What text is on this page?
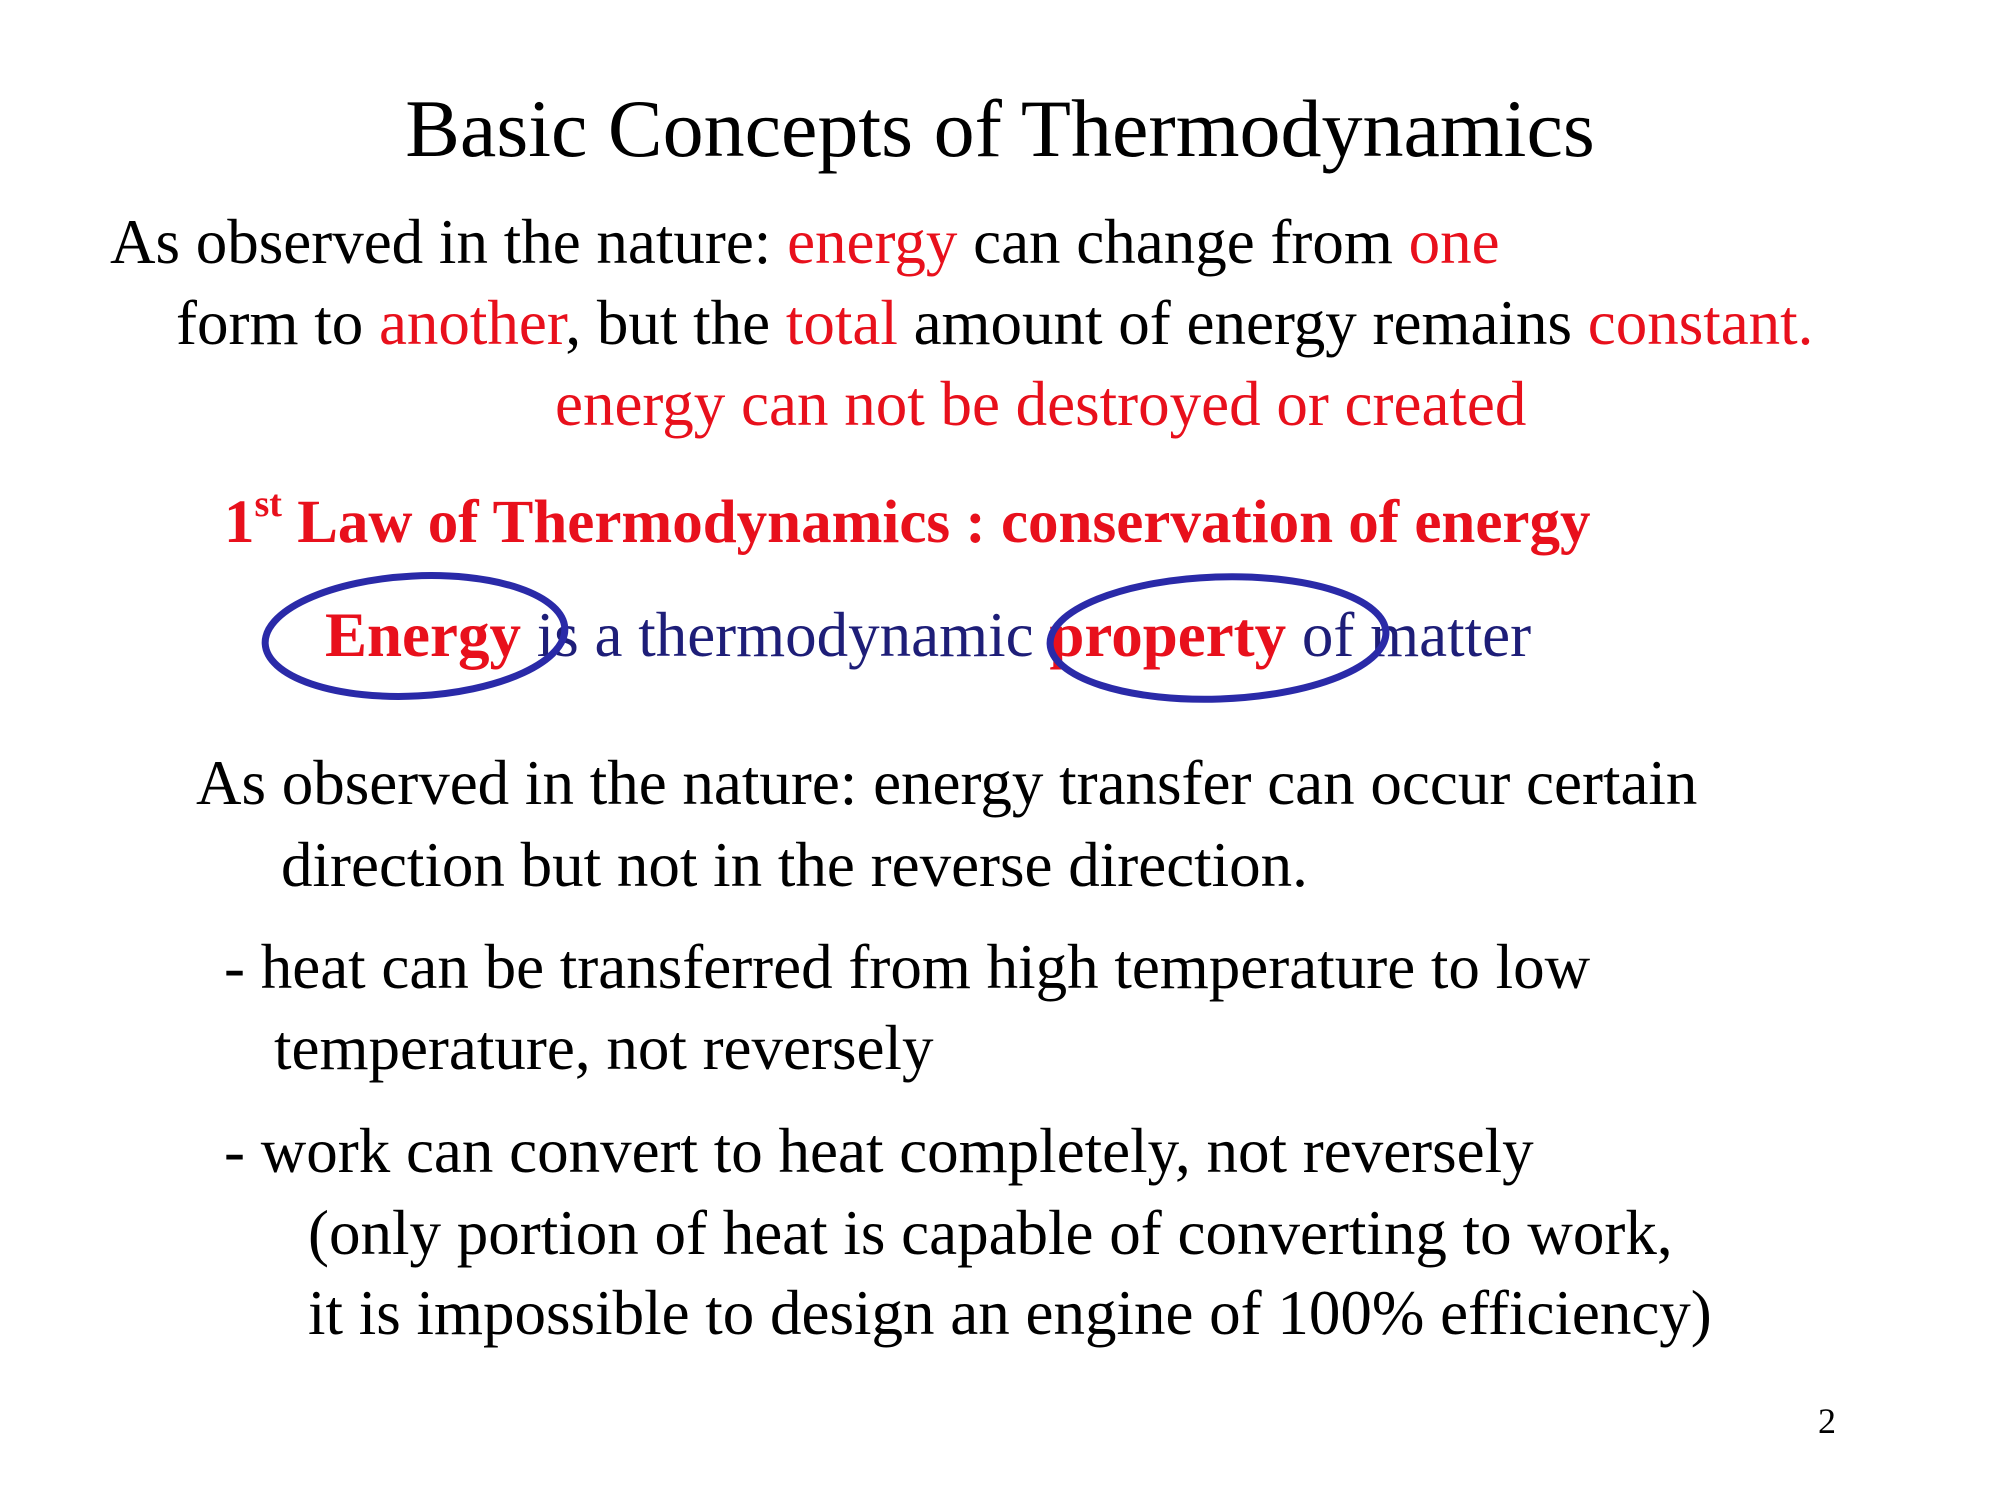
Basic Concepts of Thermodynamics
As observed in the nature: energy can change from one
form to another, but the total amount of energy remains constant.
energy can not be destroyed or created
1st Law of Thermodynamics : conservation of energy
Energy is a thermodynamic property of matter
As observed in the nature: energy transfer can occur certain
direction but not in the reverse direction.
- heat can be transferred from high temperature to low
temperature, not reversely
- work can convert to heat completely, not reversely
(only portion of heat is capable of converting to work,
it is impossible to design an engine of 100% efficiency)
2
